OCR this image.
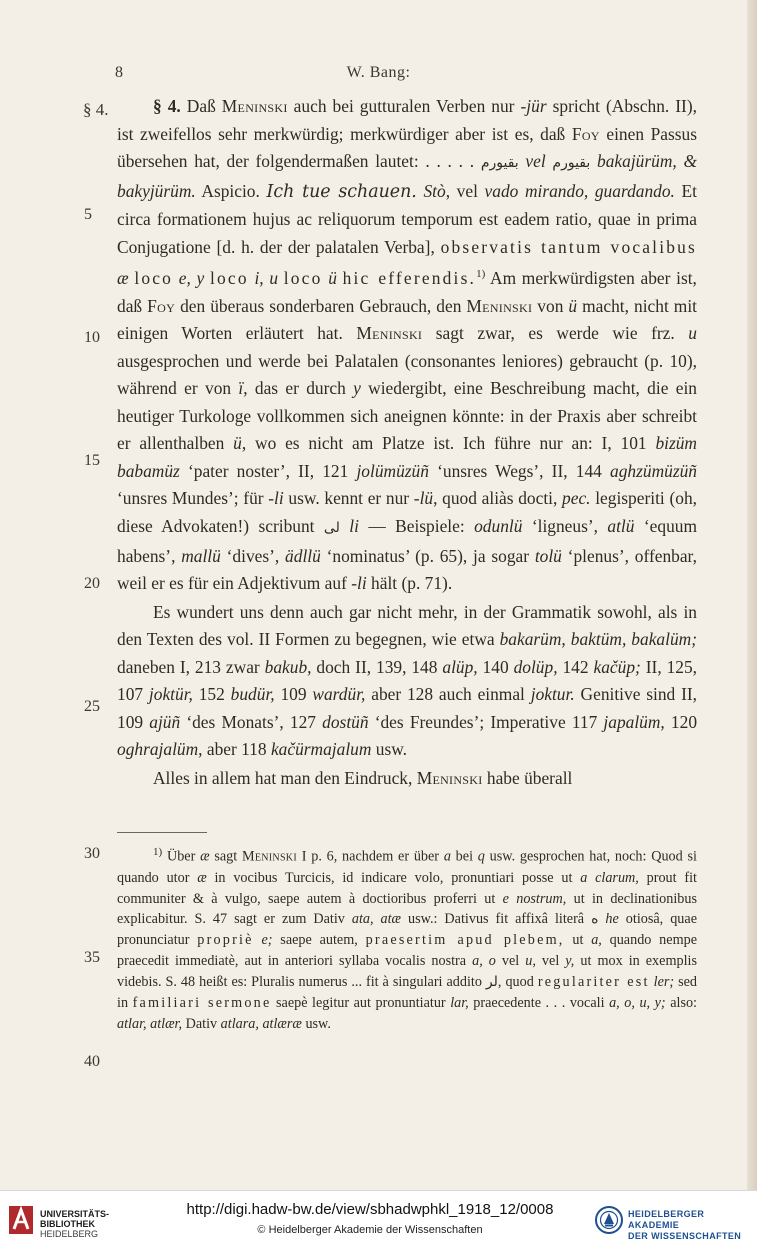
8	W. Bang:
§ 4.
5
10
15
20
25
30
35
40

§ 4. Daß Meninski auch bei gutturalen Verben nur -jür spricht (Abschn. II), ist zweifellos sehr merkwürdig; merkwürdiger aber ist es, daß Foy einen Passus übersehen hat, der folgendermaßen lautet: . . . . . بقيورم vel بقيورم bakajürüm, & bakyjürüm. Aspicio. Ich tue schauen. Stò, vel vado mirando, guardando. Et circa formationem hujus ac reliquorum temporum est eadem ratio, quae in prima Conjugatione [d. h. der der palatalen Verba], observatis tantum vocalibus æ loco e, y loco i, u loco ü hic efferendis.$^{1)}$ Am merkwürdigsten aber ist, daß Foy den überaus sonderbaren Gebrauch, den Meninski von ü macht, nicht mit einigen Worten erläutert hat. Meninski sagt zwar, es werde wie frz. u ausgesprochen und werde bei Palatalen (consonantes leniores) gebraucht (p. 10), während er von ï, das er durch y wiedergibt, eine Beschreibung macht, die ein heutiger Turkologe vollkommen sich aneignen könnte: in der Praxis aber schreibt er allenthalben ü, wo es nicht am Platze ist. Ich führe nur an: I, 101 bizüm babamüz ‘pater noster’, II, 121 jolümüzüñ ‘unsres Wegs’, II, 144 aghzümüzüñ ‘unsres Mundes’; für -li usw. kennt er nur -lü, quod aliàs docti, pec. legisperiti (oh, diese Advokaten!) scribunt لی li — Beispiele: odunlü ‘ligneus’, atlü ‘equum habens’, mallü ‘dives’, ädllü ‘nominatus’ (p. 65), ja sogar tolü ‘plenus’, offenbar, weil er es für ein Adjektivum auf -li hält (p. 71).

Es wundert uns denn auch gar nicht mehr, in der Grammatik sowohl, als in den Texten des vol. II Formen zu begegnen, wie etwa bakarüm, baktüm, bakalüm; daneben I, 213 zwar bakub, doch II, 139, 148 alüp, 140 dolüp, 142 kačüp; II, 125, 107 joktür, 152 budür, 109 wardür, aber 128 auch einmal joktur. Genitive sind II, 109 ajüñ ‘des Monats’, 127 dostüñ ‘des Freundes’; Imperative 117 japalüm, 120 oghrajalüm, aber 118 kačürmajalum usw.

Alles in allem hat man den Eindruck, Meninski habe überall

$^{1)}$ Über æ sagt Meninski I p. 6, nachdem er über a bei q usw. gesprochen hat, noch: Quod si quando utor æ in vocibus Turcicis, id indicare volo, pronuntiari posse ut a clarum, prout fit communiter & à vulgo, saepe autem à doctioribus proferri ut e nostrum, ut in declinationibus explicabitur. S. 47 sagt er zum Dativ ata, atæ usw.: Dativus fit affixâ literâ ه he otiosâ, quae pronunciatur propriè e; saepe autem, praesertim apud plebem, ut a, quando nempe praecedit immediatè, aut in anteriori syllaba vocalis nostra a, o vel u, vel y, ut mox in exemplis videbis. S. 48 heißt es: Pluralis numerus ... fit à singulari addito لر, quod regulariter est ler; sed in familiari sermone saepè legitur aut pronuntiatur lar, praecedente . . . vocali a, o, u, y; also: atlar, atlær, Dativ atlara, atlæræ usw.

UNIVERSITÄTS-
BIBLIOTHEK
HEIDELBERG
http://digi.hadw-bw.de/view/sbhadwphkl_1918_12/0008
© Heidelberger Akademie der Wissenschaften
HEIDELBERGER AKADEMIE
DER WISSENSCHAFTEN
